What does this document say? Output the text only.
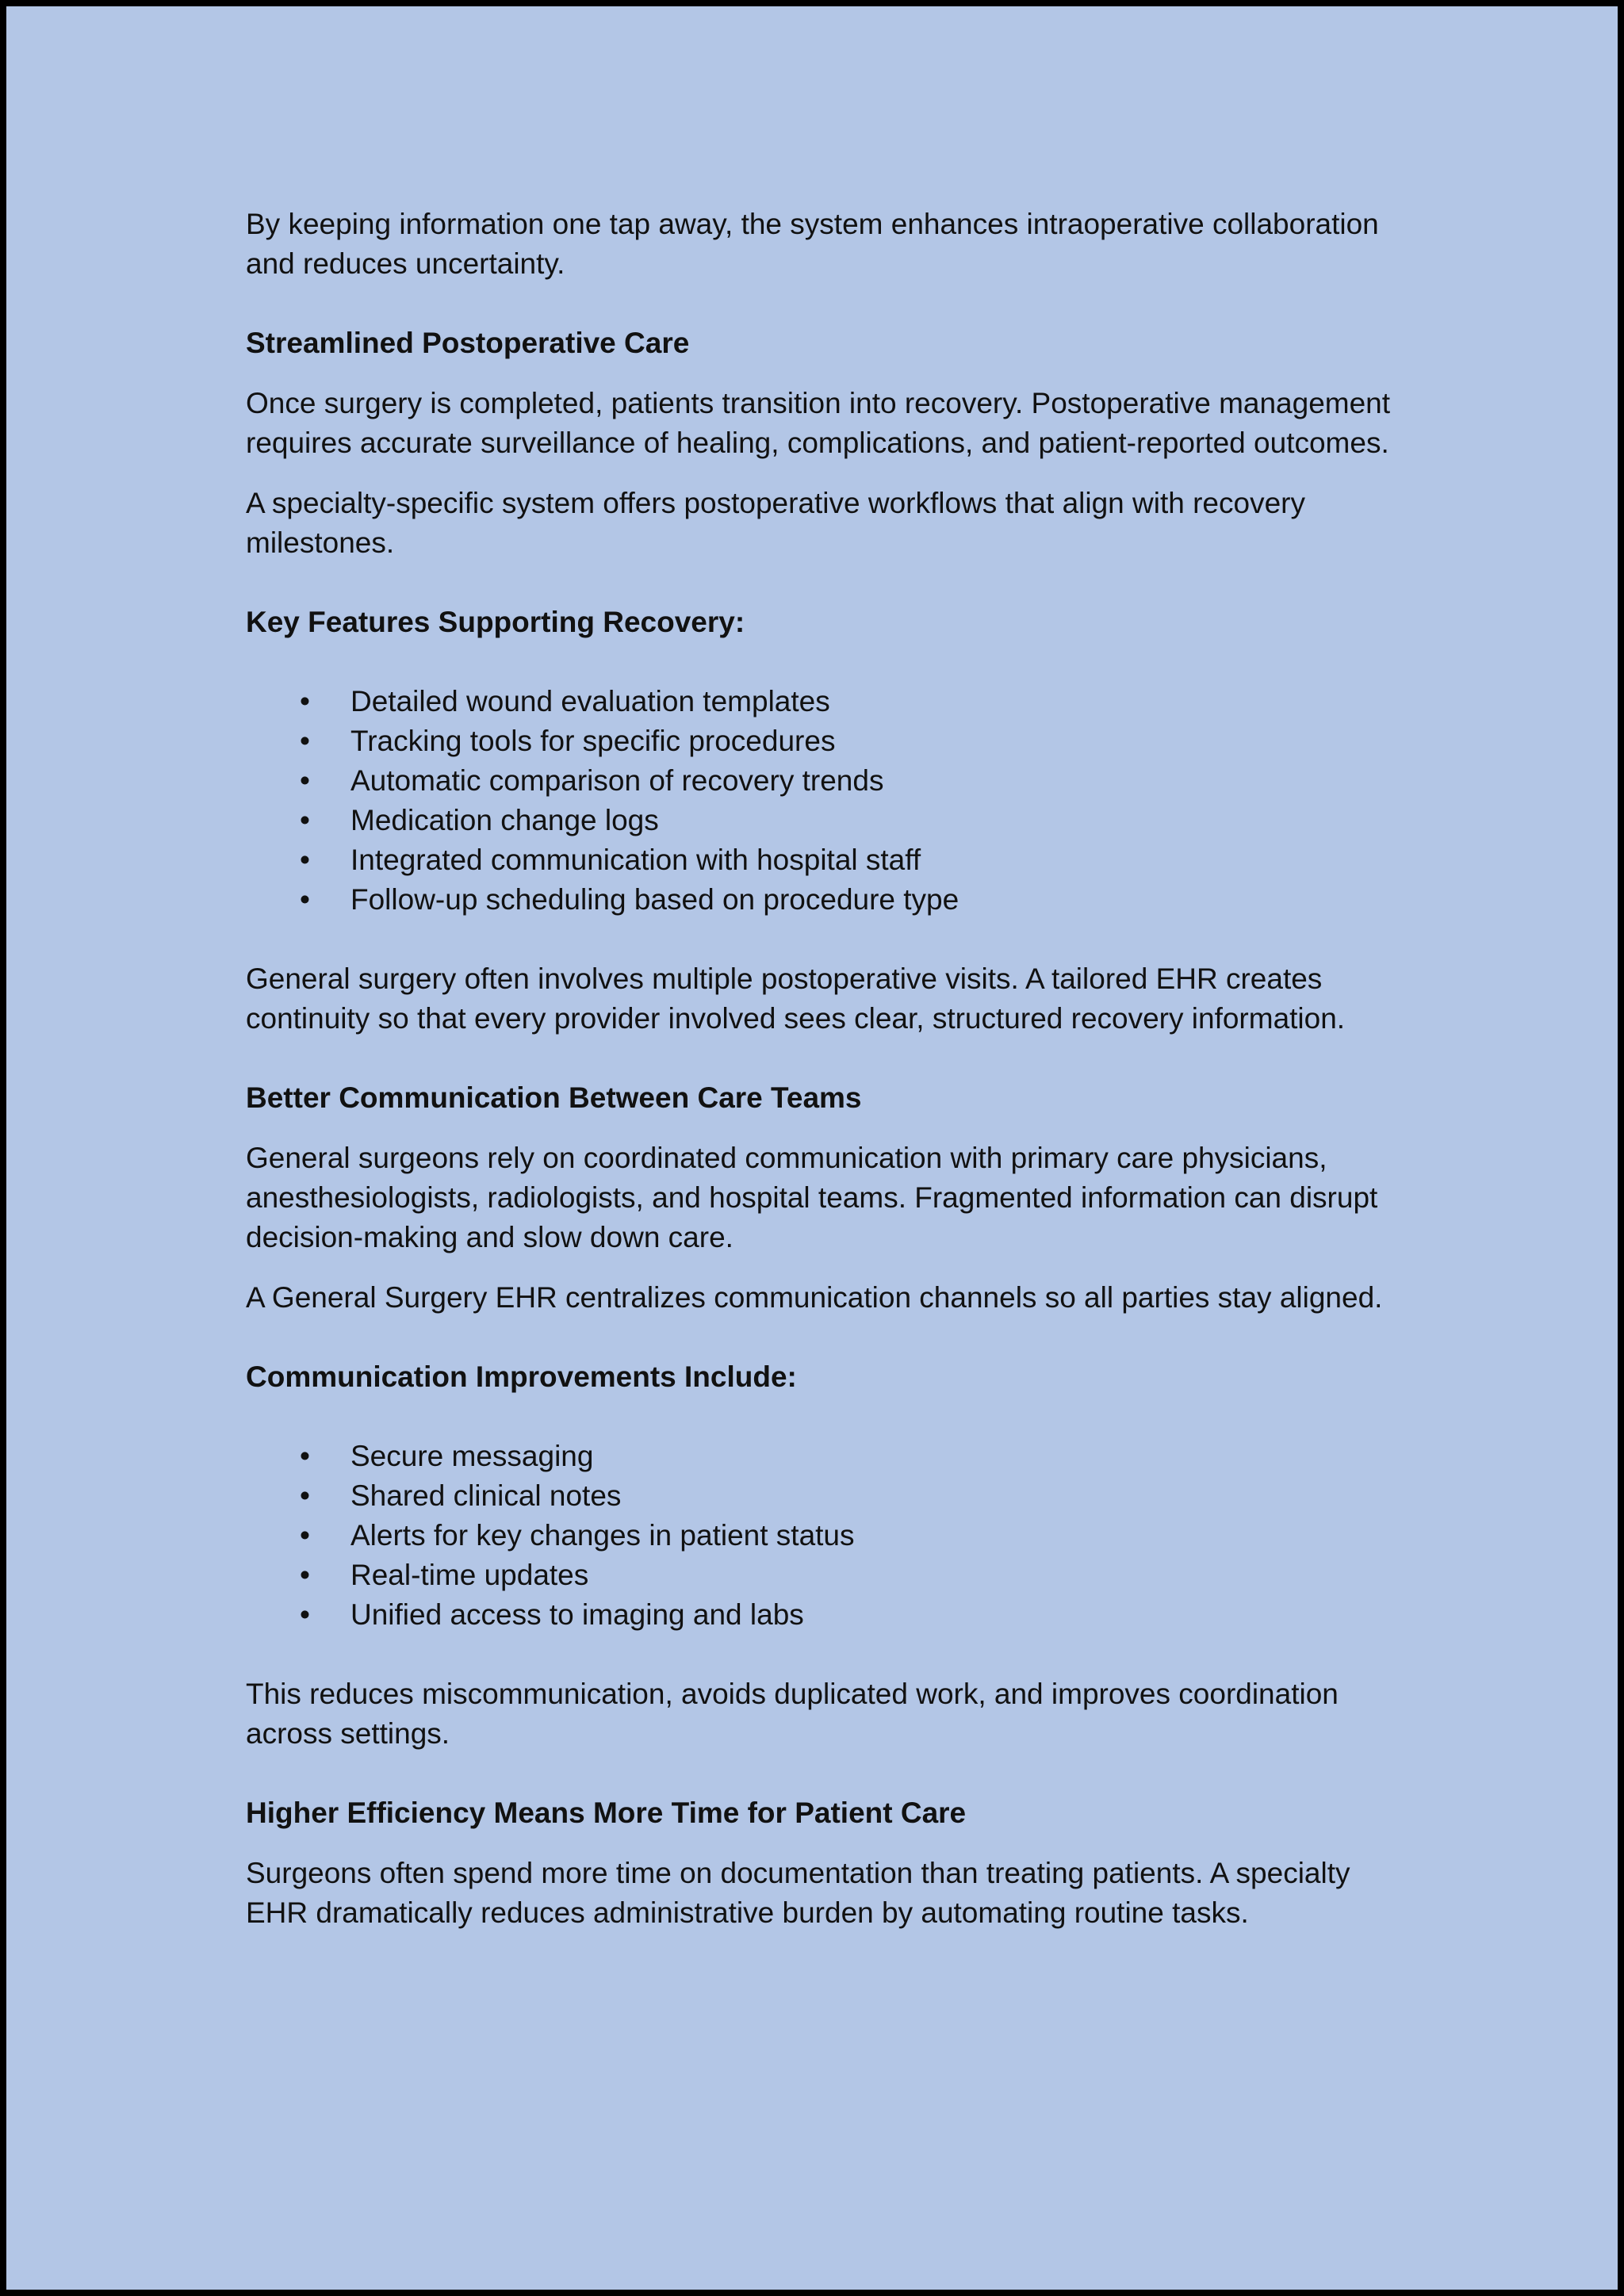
By keeping information one tap away, the system enhances intraoperative collaboration and reduces uncertainty.

Streamlined Postoperative Care

Once surgery is completed, patients transition into recovery. Postoperative management requires accurate surveillance of healing, complications, and patient-reported outcomes.

A specialty-specific system offers postoperative workflows that align with recovery milestones.

Key Features Supporting Recovery:
• Detailed wound evaluation templates
• Tracking tools for specific procedures
• Automatic comparison of recovery trends
• Medication change logs
• Integrated communication with hospital staff
• Follow-up scheduling based on procedure type

General surgery often involves multiple postoperative visits. A tailored EHR creates continuity so that every provider involved sees clear, structured recovery information.

Better Communication Between Care Teams

General surgeons rely on coordinated communication with primary care physicians, anesthesiologists, radiologists, and hospital teams. Fragmented information can disrupt decision-making and slow down care.

A General Surgery EHR centralizes communication channels so all parties stay aligned.

Communication Improvements Include:
• Secure messaging
• Shared clinical notes
• Alerts for key changes in patient status
• Real-time updates
• Unified access to imaging and labs

This reduces miscommunication, avoids duplicated work, and improves coordination across settings.

Higher Efficiency Means More Time for Patient Care

Surgeons often spend more time on documentation than treating patients. A specialty EHR dramatically reduces administrative burden by automating routine tasks.
